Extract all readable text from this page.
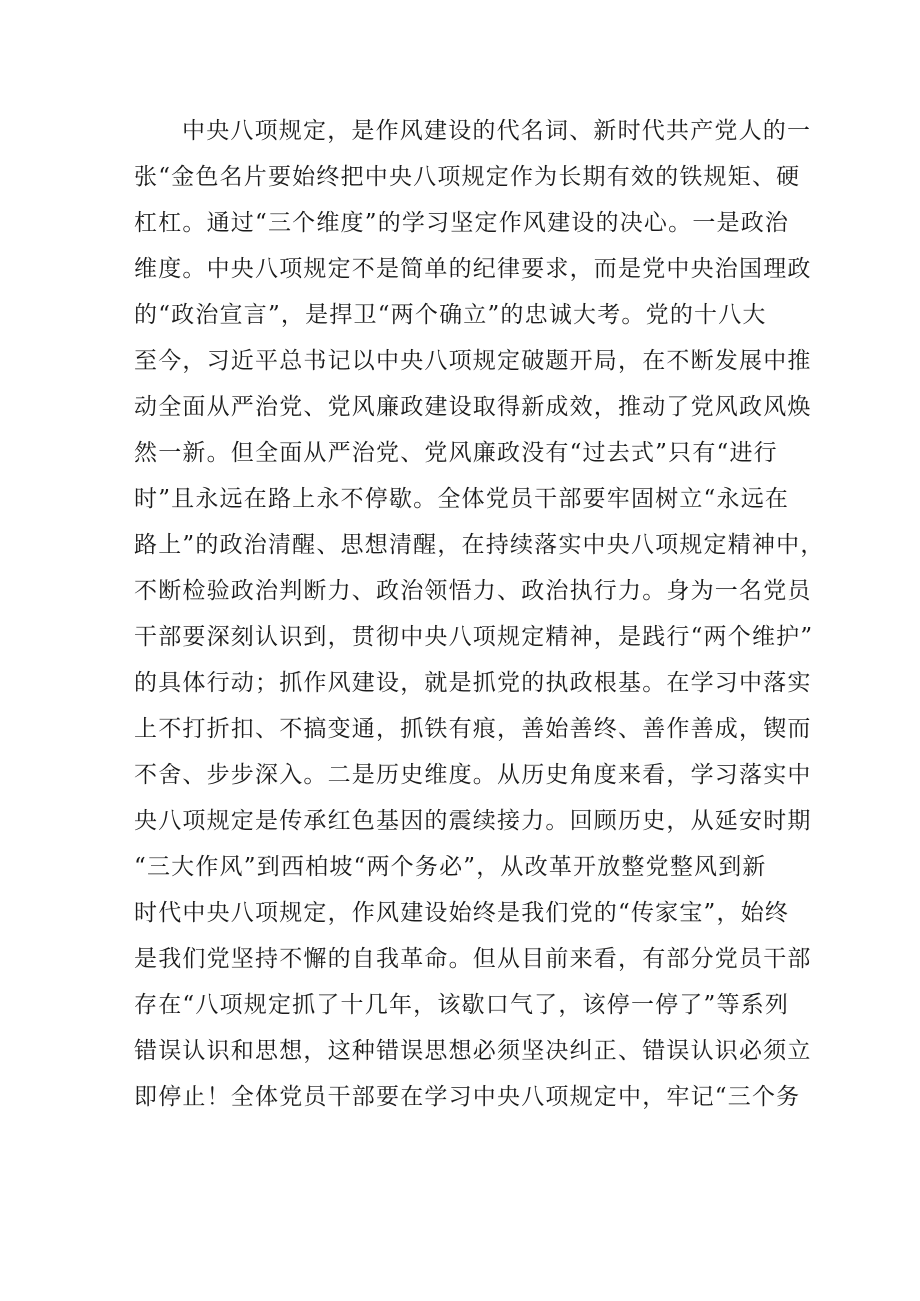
中央八项规定，是作风建设的代名词、新时代共产党人的一
张“金色名片要始终把中央八项规定作为长期有效的铁规矩、硬
杠杠。通过“三个维度”的学习坚定作风建设的决心。一是政治
维度。中央八项规定不是简单的纪律要求，而是党中央治国理政
的“政治宣言”，是捍卫“两个确立”的忠诚大考。党的十八大
至今，习近平总书记以中央八项规定破题开局，在不断发展中推
动全面从严治党、党风廉政建设取得新成效，推动了党风政风焕
然一新。但全面从严治党、党风廉政没有“过去式”只有“进行
时”且永远在路上永不停歇。全体党员干部要牢固树立“永远在
路上”的政治清醒、思想清醒，在持续落实中央八项规定精神中，
不断检验政治判断力、政治领悟力、政治执行力。身为一名党员
干部要深刻认识到，贯彻中央八项规定精神，是践行“两个维护”
的具体行动；抓作风建设，就是抓党的执政根基。在学习中落实
上不打折扣、不搞变通，抓铁有痕，善始善终、善作善成，锲而
不舍、步步深入。二是历史维度。从历史角度来看，学习落实中
央八项规定是传承红色基因的震续接力。回顾历史，从延安时期
“三大作风”到西柏坡“两个务必”，从改革开放整党整风到新
时代中央八项规定，作风建设始终是我们党的“传家宝”，始终
是我们党坚持不懈的自我革命。但从目前来看，有部分党员干部
存在“八项规定抓了十几年，该歇口气了，该停一停了”等系列
错误认识和思想，这种错误思想必须坚决纠正、错误认识必须立
即停止！全体党员干部要在学习中央八项规定中，牢记“三个务
